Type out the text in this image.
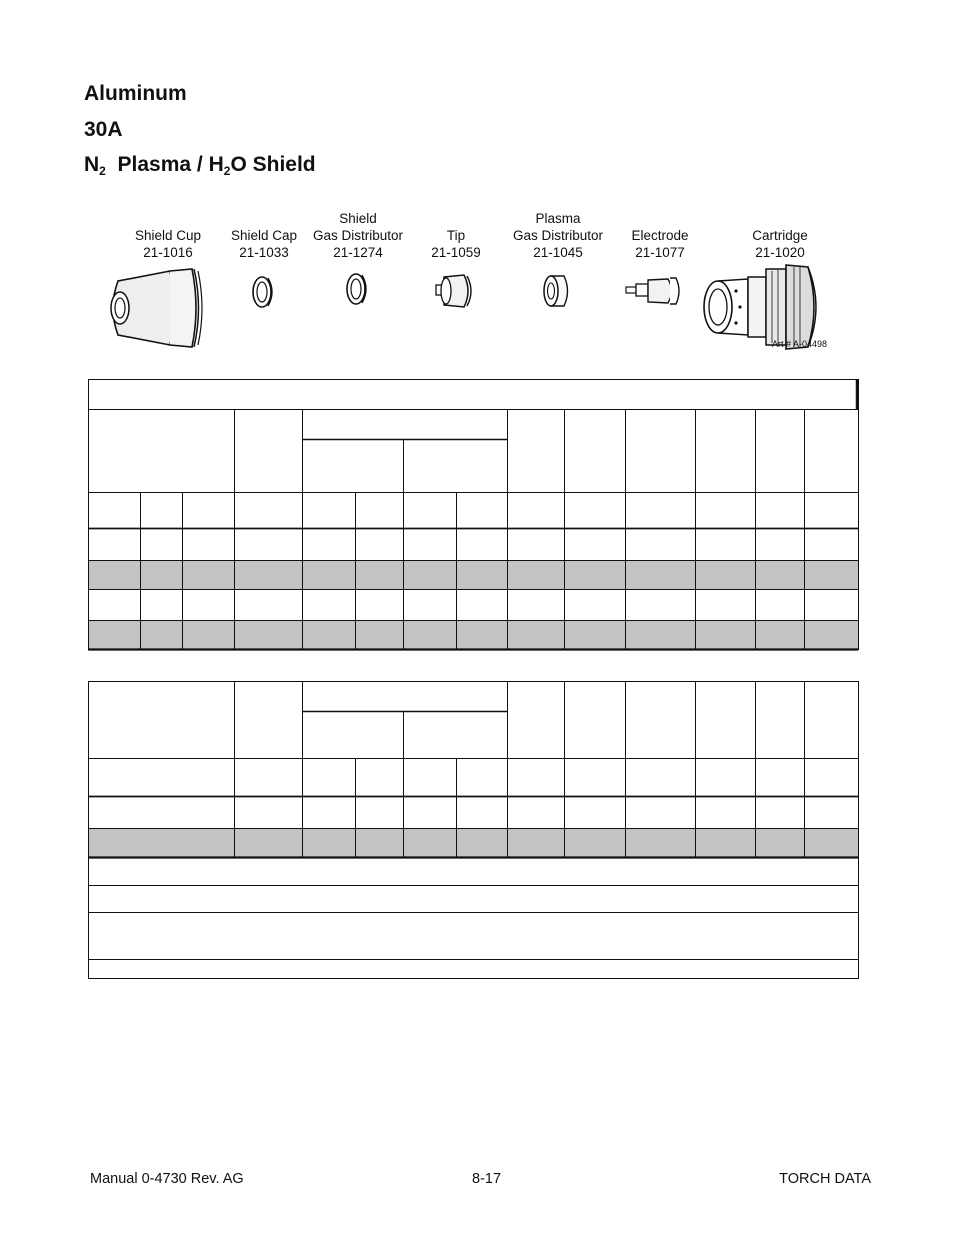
Aluminum
30A
$N_2$ Plasma / $H_2O$ Shield

Shield Cup
21-1016

Shield Cap
21-1033
Shield
Gas Distributor
21-1274

Tip
21-1059
Plasma
Gas Distributor
21-1045

Electrode
21-1077

Cartridge
21-1020
Art # A-04498
Manual 0-4730 Rev. AG	8-17	TORCH DATA
